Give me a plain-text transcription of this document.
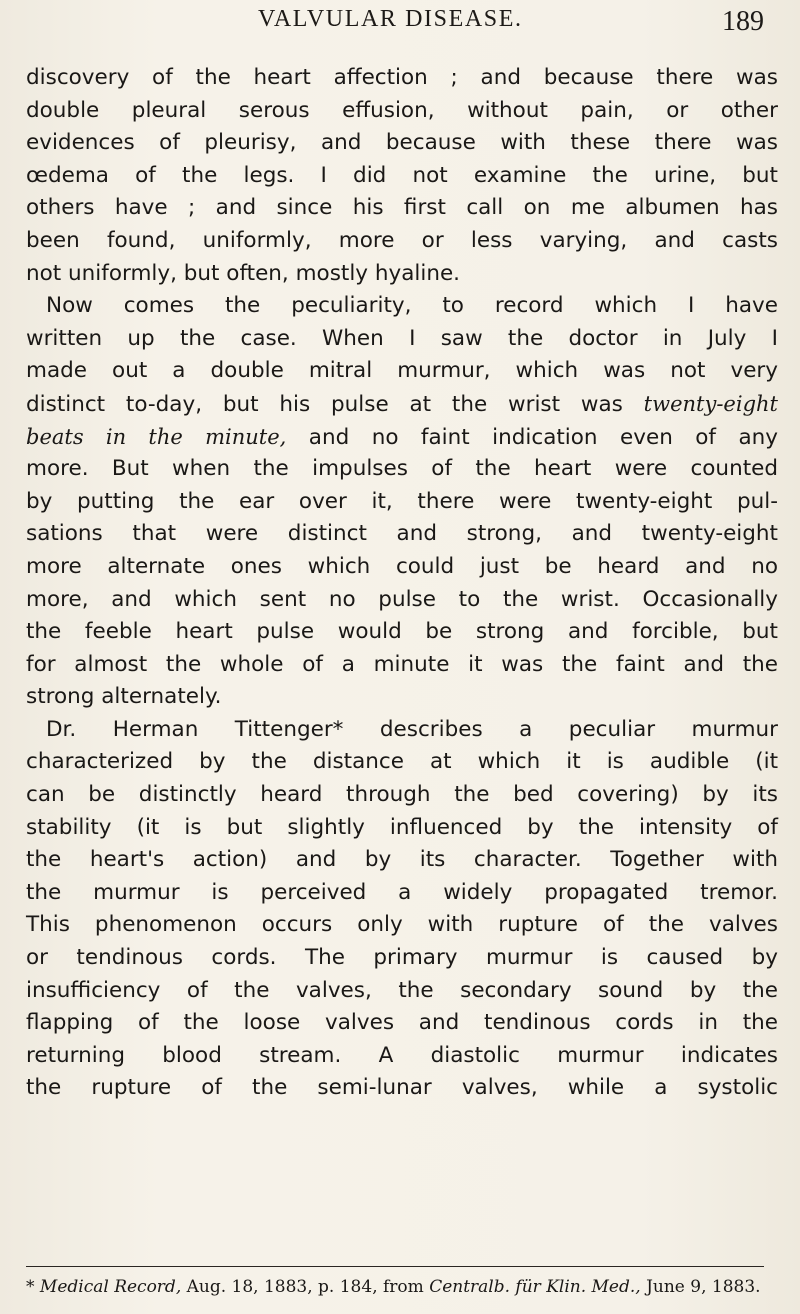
VALVULAR DISEASE.	189
discovery of the heart affection ; and because there was
double pleural serous effusion, without pain, or other
evidences of pleurisy, and because with these there was
œdema of the legs. I did not examine the urine, but
others have ; and since his first call on me albumen has
been found, uniformly, more or less varying, and casts
not uniformly, but often, mostly hyaline.
Now comes the peculiarity, to record which I have
written up the case. When I saw the doctor in July I
made out a double mitral murmur, which was not very
distinct to-day, but his pulse at the wrist was twenty-eight
beats in the minute, and no faint indication even of any
more. But when the impulses of the heart were counted
by putting the ear over it, there were twenty-eight pul-
sations that were distinct and strong, and twenty-eight
more alternate ones which could just be heard and no
more, and which sent no pulse to the wrist. Occasionally
the feeble heart pulse would be strong and forcible, but
for almost the whole of a minute it was the faint and the
strong alternately.
Dr. Herman Tittenger* describes a peculiar murmur
characterized by the distance at which it is audible (it
can be distinctly heard through the bed covering) by its
stability (it is but slightly influenced by the intensity of
the heart's action) and by its character. Together with
the murmur is perceived a widely propagated tremor.
This phenomenon occurs only with rupture of the valves
or tendinous cords. The primary murmur is caused by
insufficiency of the valves, the secondary sound by the
flapping of the loose valves and tendinous cords in the
returning blood stream. A diastolic murmur indicates
the rupture of the semi-lunar valves, while a systolic
* Medical Record, Aug. 18, 1883, p. 184, from Centralb. für Klin. Med., June 9, 1883.
